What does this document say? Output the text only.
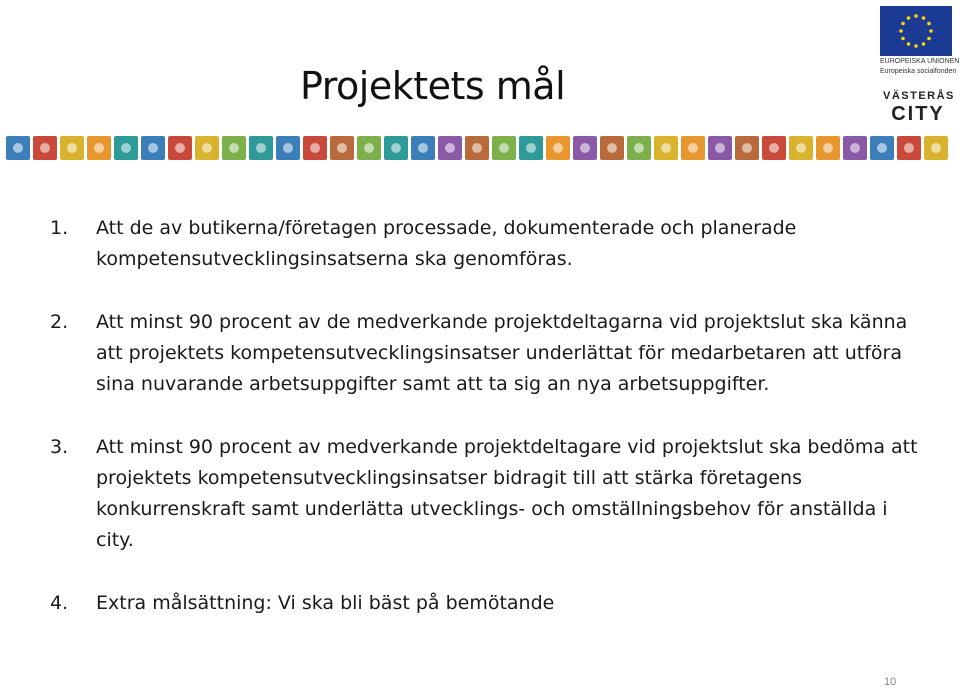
Projektets mål
EUROPEISKA UNIONEN
Europeiska socialfonden
VÄSTERÅS
CITY
1. Att de av butikerna/företagen processade, dokumenterade och planerade kompetensutvecklingsinsatserna ska genomföras.
2. Att minst 90 procent av de medverkande projektdeltagarna vid projektslut ska känna att projektets kompetensutvecklingsinsatser underlättat för medarbetaren att utföra sina nuvarande arbetsuppgifter samt att ta sig an nya arbetsuppgifter.
3. Att minst 90 procent av medverkande projektdeltagare vid projektslut ska bedöma att projektets kompetensutvecklingsinsatser bidragit till att stärka företagens konkurrenskraft samt underlätta utvecklings- och omställningsbehov för anställda i city.
4. Extra målsättning: Vi ska bli bäst på bemötande
10
